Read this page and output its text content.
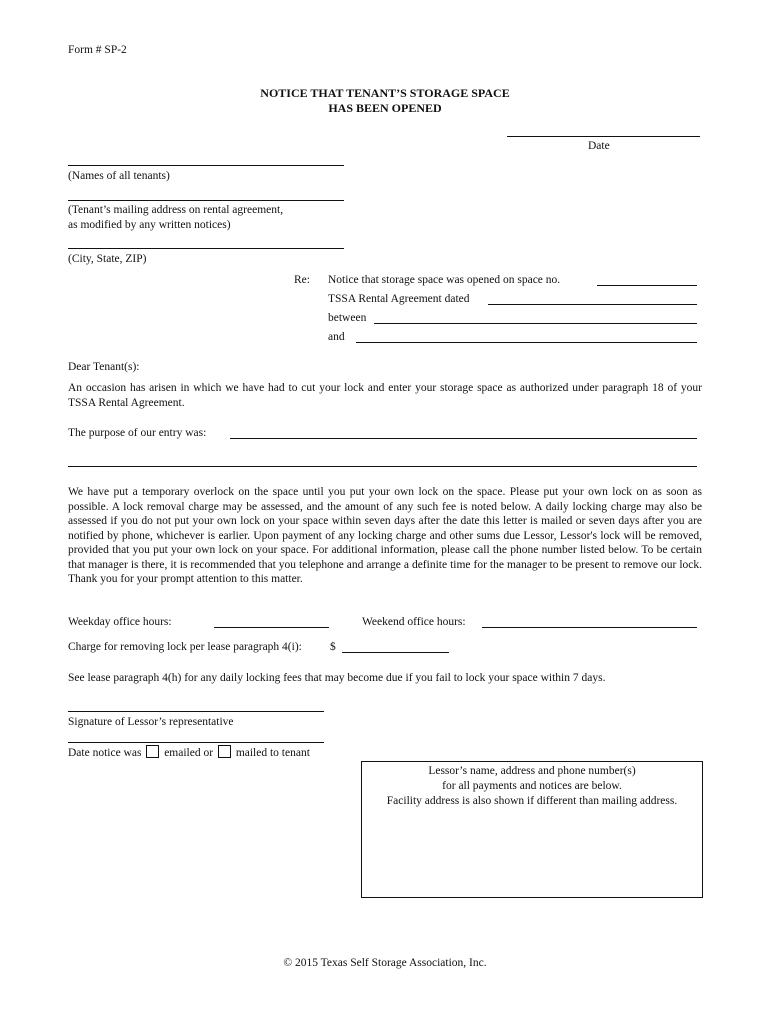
Form # SP-2
NOTICE THAT TENANT’S STORAGE SPACE
HAS BEEN OPENED
Date
(Names of all tenants)
(Tenant’s mailing address on rental agreement,
as modified by any written notices)
(City, State, ZIP)
Re: Notice that storage space was opened on space no.
TSSA Rental Agreement dated
between
and
Dear Tenant(s):
An occasion has arisen in which we have had to cut your lock and enter your storage space as authorized under paragraph 18 of your TSSA Rental Agreement.
The purpose of our entry was:
We have put a temporary overlock on the space until you put your own lock on the space. Please put your own lock on as soon as possible. A lock removal charge may be assessed, and the amount of any such fee is noted below. A daily locking charge may also be assessed if you do not put your own lock on your space within seven days after the date this letter is mailed or seven days after you are notified by phone, whichever is earlier. Upon payment of any locking charge and other sums due Lessor, Lessor's lock will be removed, provided that you put your own lock on your space. For additional information, please call the phone number listed below. To be certain that manager is there, it is recommended that you telephone and arrange a definite time for the manager to be present to remove our lock. Thank you for your prompt attention to this matter.
Weekday office hours:	Weekend office hours:
Charge for removing lock per lease paragraph 4(i): $
See lease paragraph 4(h) for any daily locking fees that may become due if you fail to lock your space within 7 days.
Signature of Lessor’s representative
Date notice was emailed or mailed to tenant
Lessor’s name, address and phone number(s)
for all payments and notices are below.
Facility address is also shown if different than mailing address.
© 2015 Texas Self Storage Association, Inc.
